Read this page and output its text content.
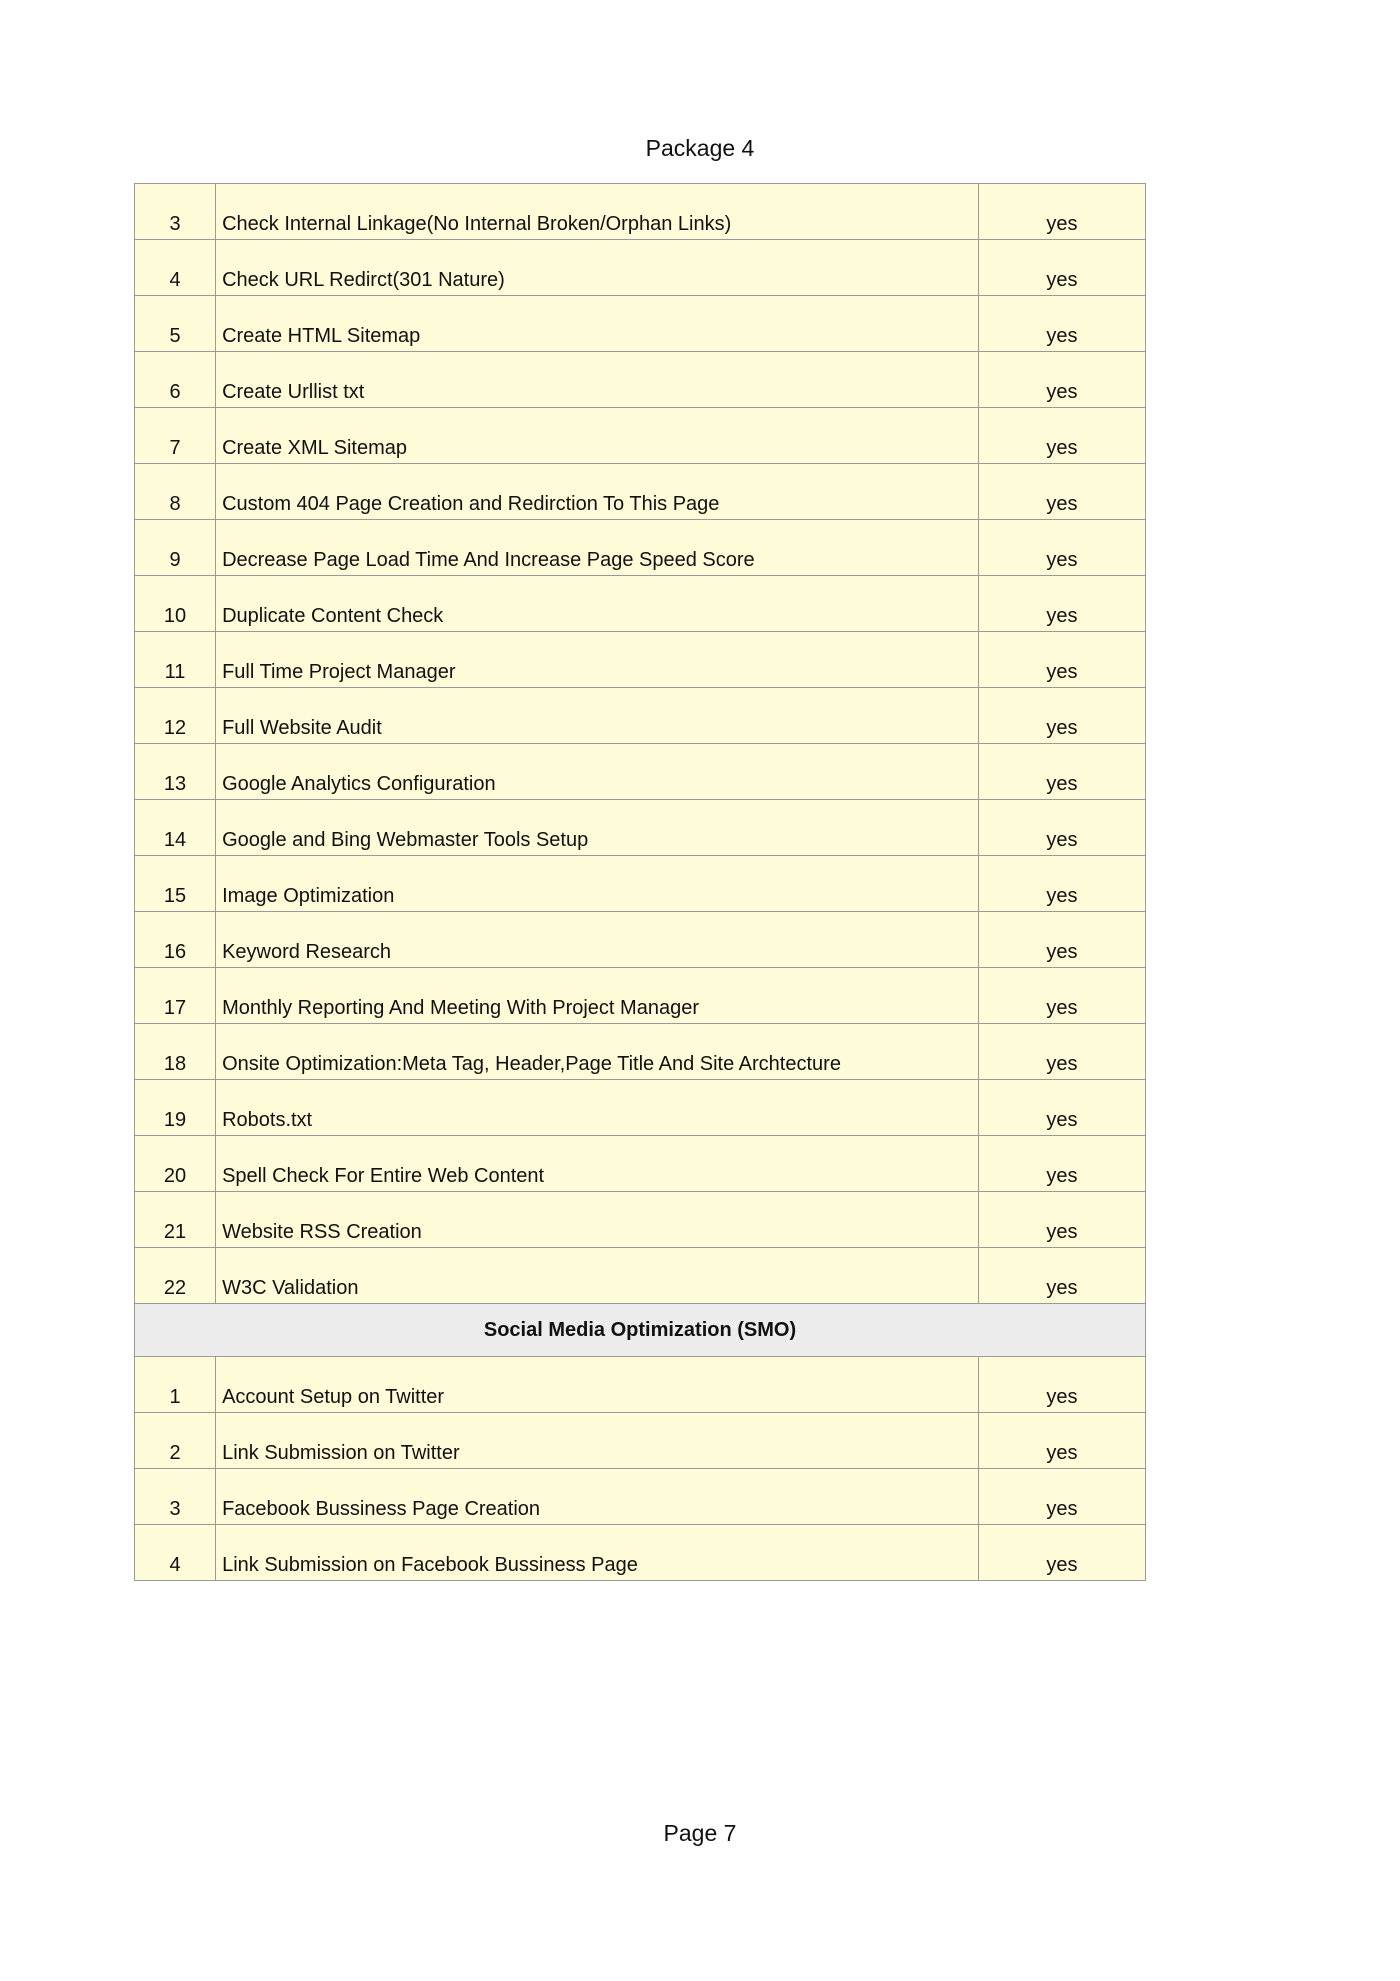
Package 4
3	Check Internal Linkage(No Internal Broken/Orphan Links)	yes
4	Check URL Redirct(301 Nature)	yes
5	Create HTML Sitemap	yes
6	Create Urllist txt	yes
7	Create XML Sitemap	yes
8	Custom 404 Page Creation and Redirction To This Page	yes
9	Decrease Page Load Time And Increase Page Speed Score	yes
10	Duplicate Content Check	yes
11	Full Time Project Manager	yes
12	Full Website Audit	yes
13	Google Analytics Configuration	yes
14	Google and Bing Webmaster Tools Setup	yes
15	Image Optimization	yes
16	Keyword Research	yes
17	Monthly Reporting And Meeting With Project Manager	yes
18	Onsite Optimization:Meta Tag, Header,Page Title And Site Archtecture	yes
19	Robots.txt	yes
20	Spell Check For Entire Web Content	yes
21	Website RSS Creation	yes
22	W3C Validation	yes
Social Media Optimization (SMO)		
1	Account Setup on Twitter	yes
2	Link Submission on Twitter	yes
3	Facebook Bussiness Page Creation	yes
4	Link Submission on Facebook Bussiness Page	yes
Page 7
